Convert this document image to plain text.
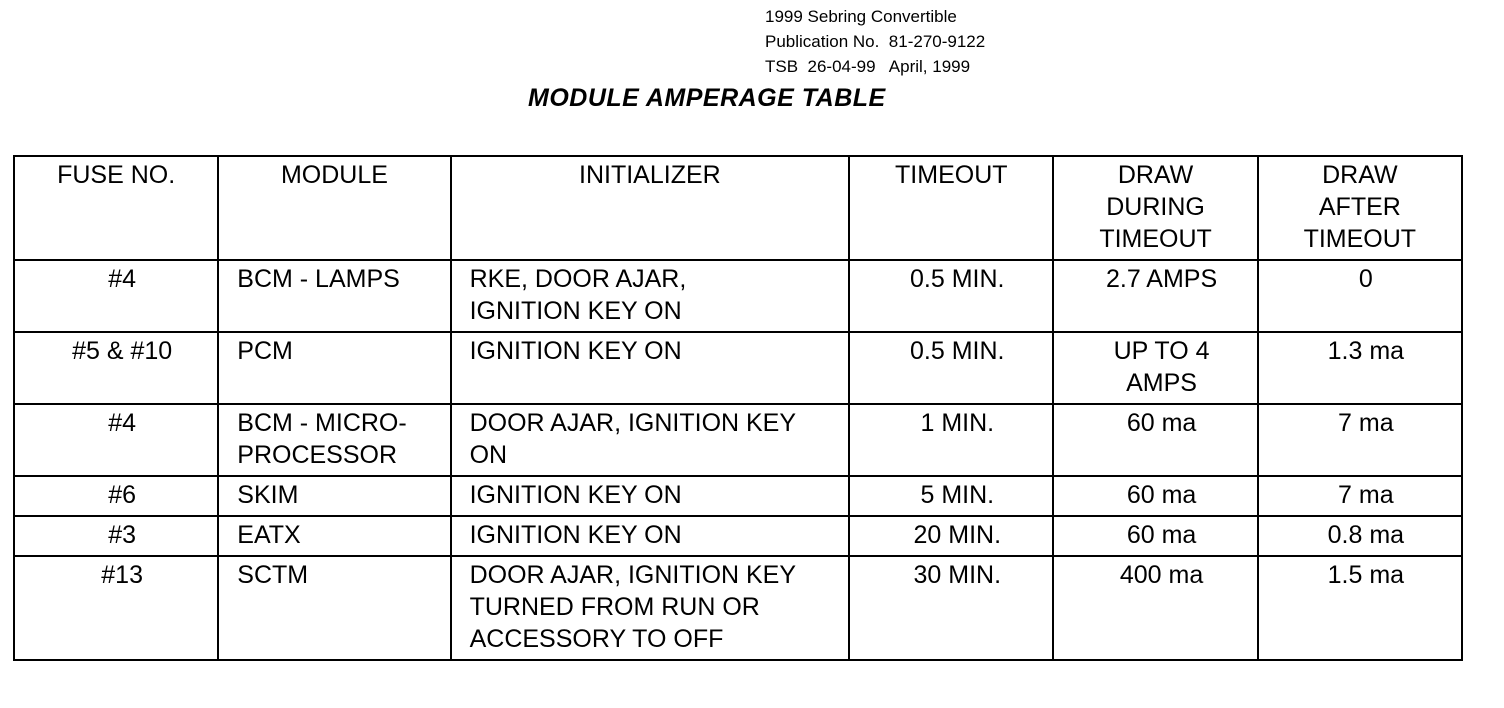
1999 Sebring Convertible
Publication No.  81-270-9122
TSB  26-04-99   April, 1999
MODULE AMPERAGE TABLE
FUSE NO.	MODULE	INITIALIZER	TIMEOUT	DRAW
DURING
TIMEOUT	DRAW
AFTER
TIMEOUT
#4	BCM - LAMPS	RKE, DOOR AJAR,
IGNITION KEY ON	0.5 MIN.	2.7 AMPS	0
#5 & #10	PCM	IGNITION KEY ON	0.5 MIN.	UP TO 4
AMPS	1.3 ma
#4	BCM - MICRO-
PROCESSOR	DOOR AJAR, IGNITION KEY
ON	1 MIN.	60 ma	7 ma
#6	SKIM	IGNITION KEY ON	5 MIN.	60 ma	7 ma
#3	EATX	IGNITION KEY ON	20 MIN.	60 ma	0.8 ma
#13	SCTM	DOOR AJAR, IGNITION KEY
TURNED FROM RUN OR
ACCESSORY TO OFF	30 MIN.	400 ma	1.5 ma
